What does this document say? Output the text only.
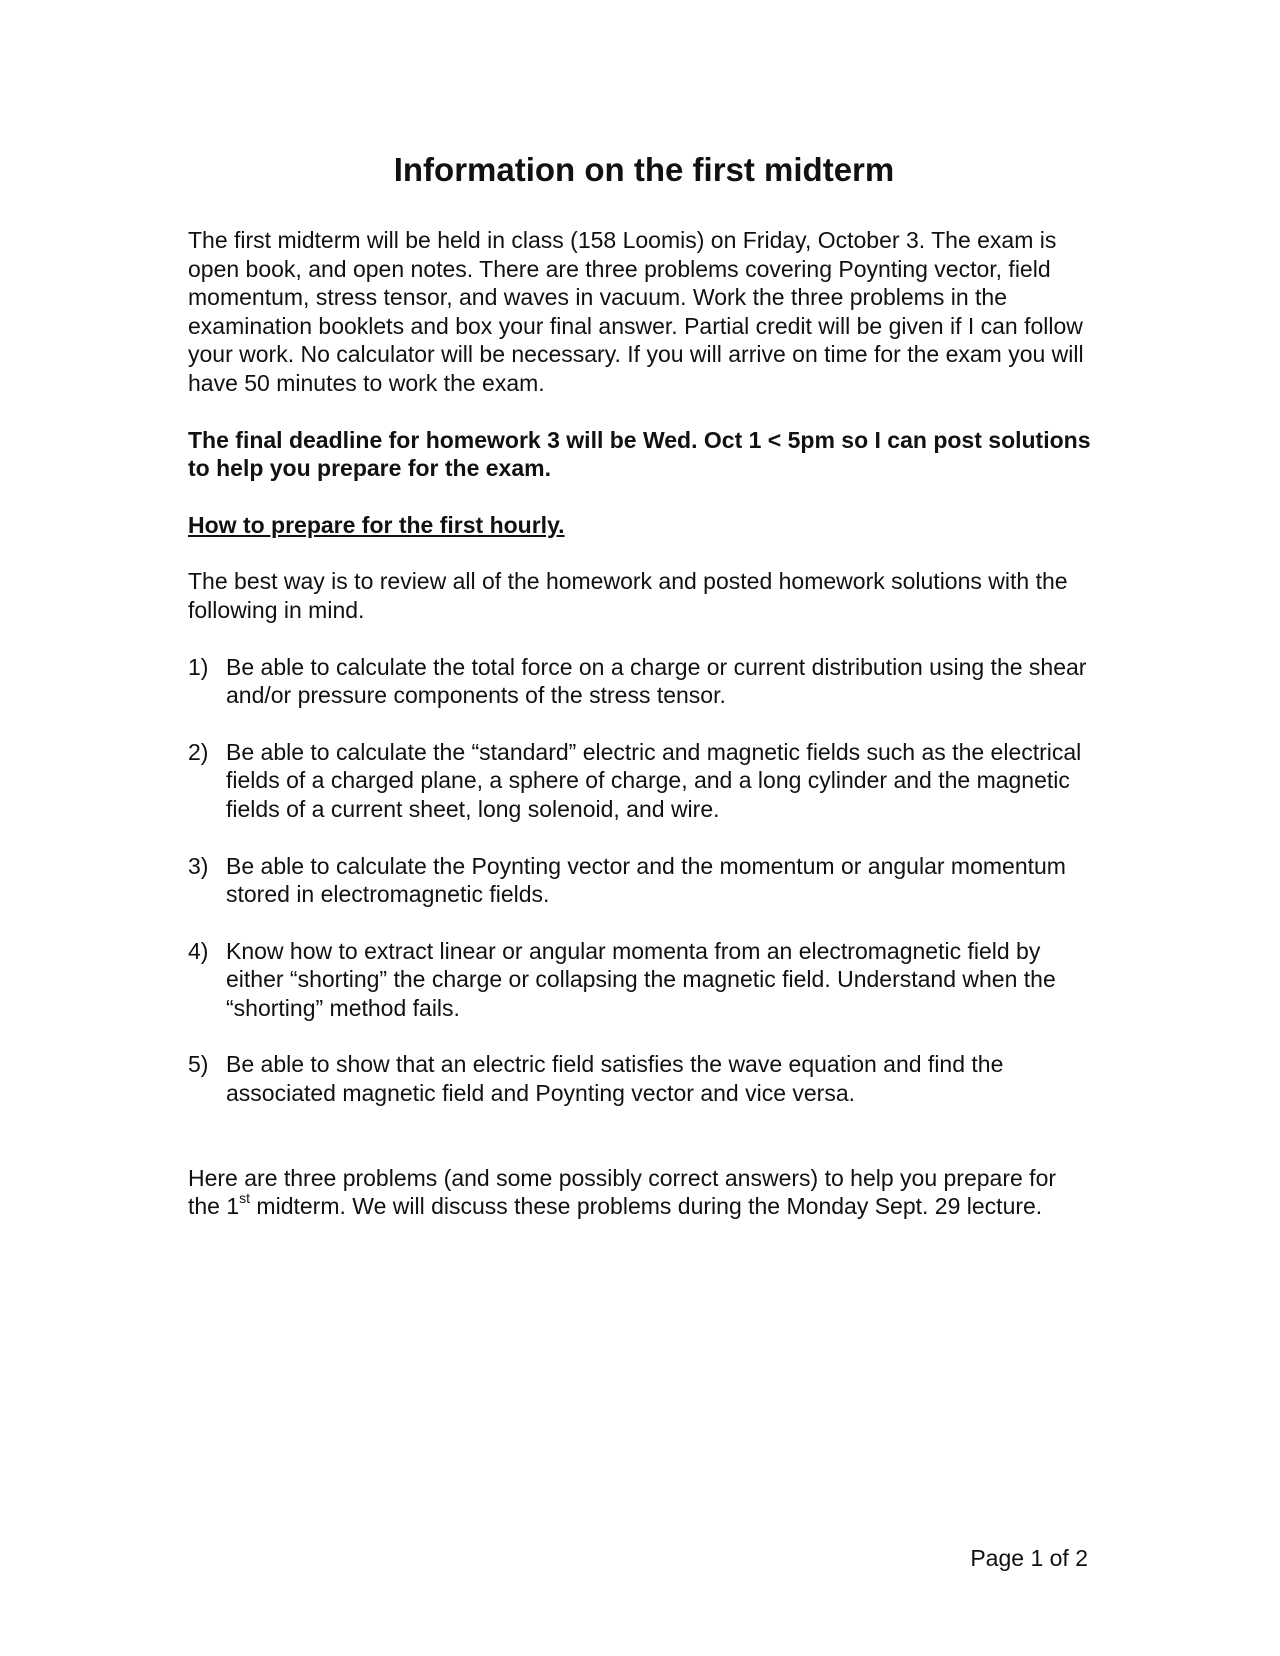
Information on the first midterm

The first midterm will be held in class (158 Loomis) on Friday, October 3. The exam is open book, and open notes. There are three problems covering Poynting vector, field momentum, stress tensor, and waves in vacuum. Work the three problems in the examination booklets and box your final answer. Partial credit will be given if I can follow your work. No calculator will be necessary. If you will arrive on time for the exam you will have 50 minutes to work the exam.

The final deadline for homework 3 will be Wed. Oct 1 < 5pm so I can post solutions to help you prepare for the exam.

How to prepare for the first hourly.

The best way is to review all of the homework and posted homework solutions with the following in mind.

1) Be able to calculate the total force on a charge or current distribution using the shear and/or pressure components of the stress tensor.
2) Be able to calculate the “standard” electric and magnetic fields such as the electrical fields of a charged plane, a sphere of charge, and a long cylinder and the magnetic fields of a current sheet, long solenoid, and wire.
3) Be able to calculate the Poynting vector and the momentum or angular momentum stored in electromagnetic fields.
4) Know how to extract linear or angular momenta from an electromagnetic field by either “shorting” the charge or collapsing the magnetic field. Understand when the “shorting” method fails.
5) Be able to show that an electric field satisfies the wave equation and find the associated magnetic field and Poynting vector and vice versa.

Here are three problems (and some possibly correct answers) to help you prepare for the 1st midterm. We will discuss these problems during the Monday Sept. 29 lecture.

Page 1 of 2
